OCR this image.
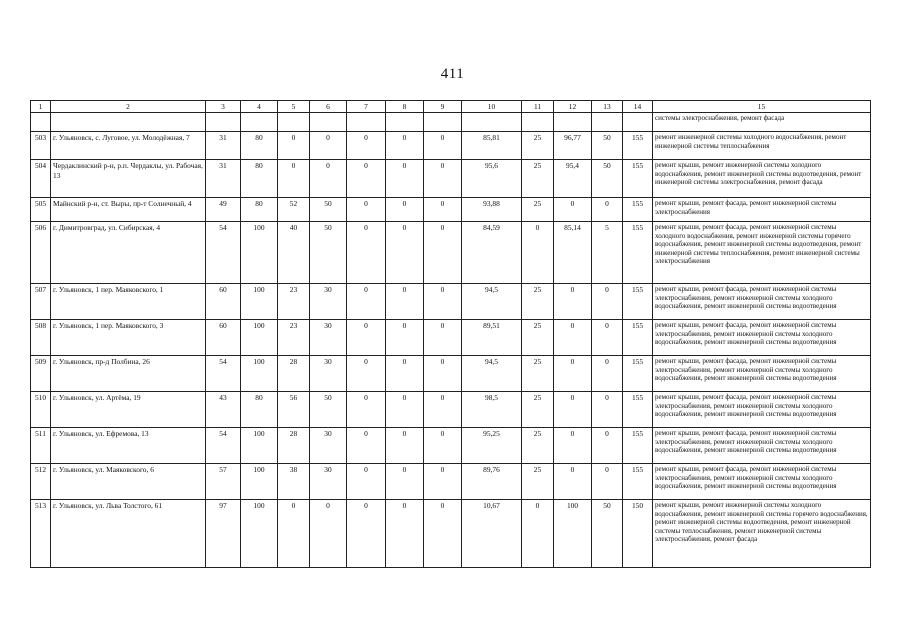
411
1	2	3	4	5	6	7	8	9	10	11	12	13	14	15
														системы электроснабжения, ремонт фасада
503	г. Ульяновск, с. Луговое, ул. Молодёжная, 7	31	80	0	0	0	0	0	85,81	25	96,77	50	155	ремонт инженерной системы холодного водоснабжения, ремонт инженерной системы теплоснабжения
504	Чердаклинский р-н, р.п. Чердаклы, ул. Рабочая, 13	31	80	0	0	0	0	0	95,6	25	95,4	50	155	ремонт крыши, ремонт инженерной системы холодного водоснабжения, ремонт инженерной системы водоотведения, ремонт инженерной системы электроснабжения, ремонт фасада
505	Майнский р-н, ст. Выры, пр-т Солнечный, 4	49	80	52	50	0	0	0	93,88	25	0	0	155	ремонт крыши, ремонт фасада, ремонт инженерной системы электроснабжения
506	г. Димитровград, ул. Сибирская, 4	54	100	40	50	0	0	0	84,59	0	85,14	5	155	ремонт крыши, ремонт фасада, ремонт инженерной системы холодного водоснабжения, ремонт инженерной системы горячего водоснабжения, ремонт инженерной системы водоотведения, ремонт инженерной системы теплоснабжения, ремонт инженерной системы электроснабжения
507	г. Ульяновск, 1 пер. Маяковского, 1	60	100	23	30	0	0	0	94,5	25	0	0	155	ремонт крыши, ремонт фасада, ремонт инженерной системы электроснабжения, ремонт инженерной системы холодного водоснабжения, ремонт инженерной системы водоотведения
508	г. Ульяновск, 1 пер. Маяковского, 3	60	100	23	30	0	0	0	89,51	25	0	0	155	ремонт крыши, ремонт фасада, ремонт инженерной системы электроснабжения, ремонт инженерной системы холодного водоснабжения, ремонт инженерной системы водоотведения
509	г. Ульяновск, пр-д Полбина, 26	54	100	28	30	0	0	0	94,5	25	0	0	155	ремонт крыши, ремонт фасада, ремонт инженерной системы электроснабжения, ремонт инженерной системы холодного водоснабжения, ремонт инженерной системы водоотведения
510	г. Ульяновск, ул. Артёма, 19	43	80	56	50	0	0	0	98,5	25	0	0	155	ремонт крыши, ремонт фасада, ремонт инженерной системы электроснабжения, ремонт инженерной системы холодного водоснабжения, ремонт инженерной системы водоотведения
511	г. Ульяновск, ул. Ефремова, 13	54	100	28	30	0	0	0	95,25	25	0	0	155	ремонт крыши, ремонт фасада, ремонт инженерной системы электроснабжения, ремонт инженерной системы холодного водоснабжения, ремонт инженерной системы водоотведения
512	г. Ульяновск, ул. Маяковского, 6	57	100	38	30	0	0	0	89,76	25	0	0	155	ремонт крыши, ремонт фасада, ремонт инженерной системы электроснабжения, ремонт инженерной системы холодного водоснабжения, ремонт инженерной системы водоотведения
513	г. Ульяновск, ул. Льва Толстого, 61	97	100	0	0	0	0	0	10,67	0	100	50	150	ремонт крыши, ремонт инженерной системы холодного водоснабжения, ремонт инженерной системы горячего водоснабжения, ремонт инженерной системы водоотведения, ремонт инженерной системы теплоснабжения, ремонт инженерной системы электроснабжения, ремонт фасада
